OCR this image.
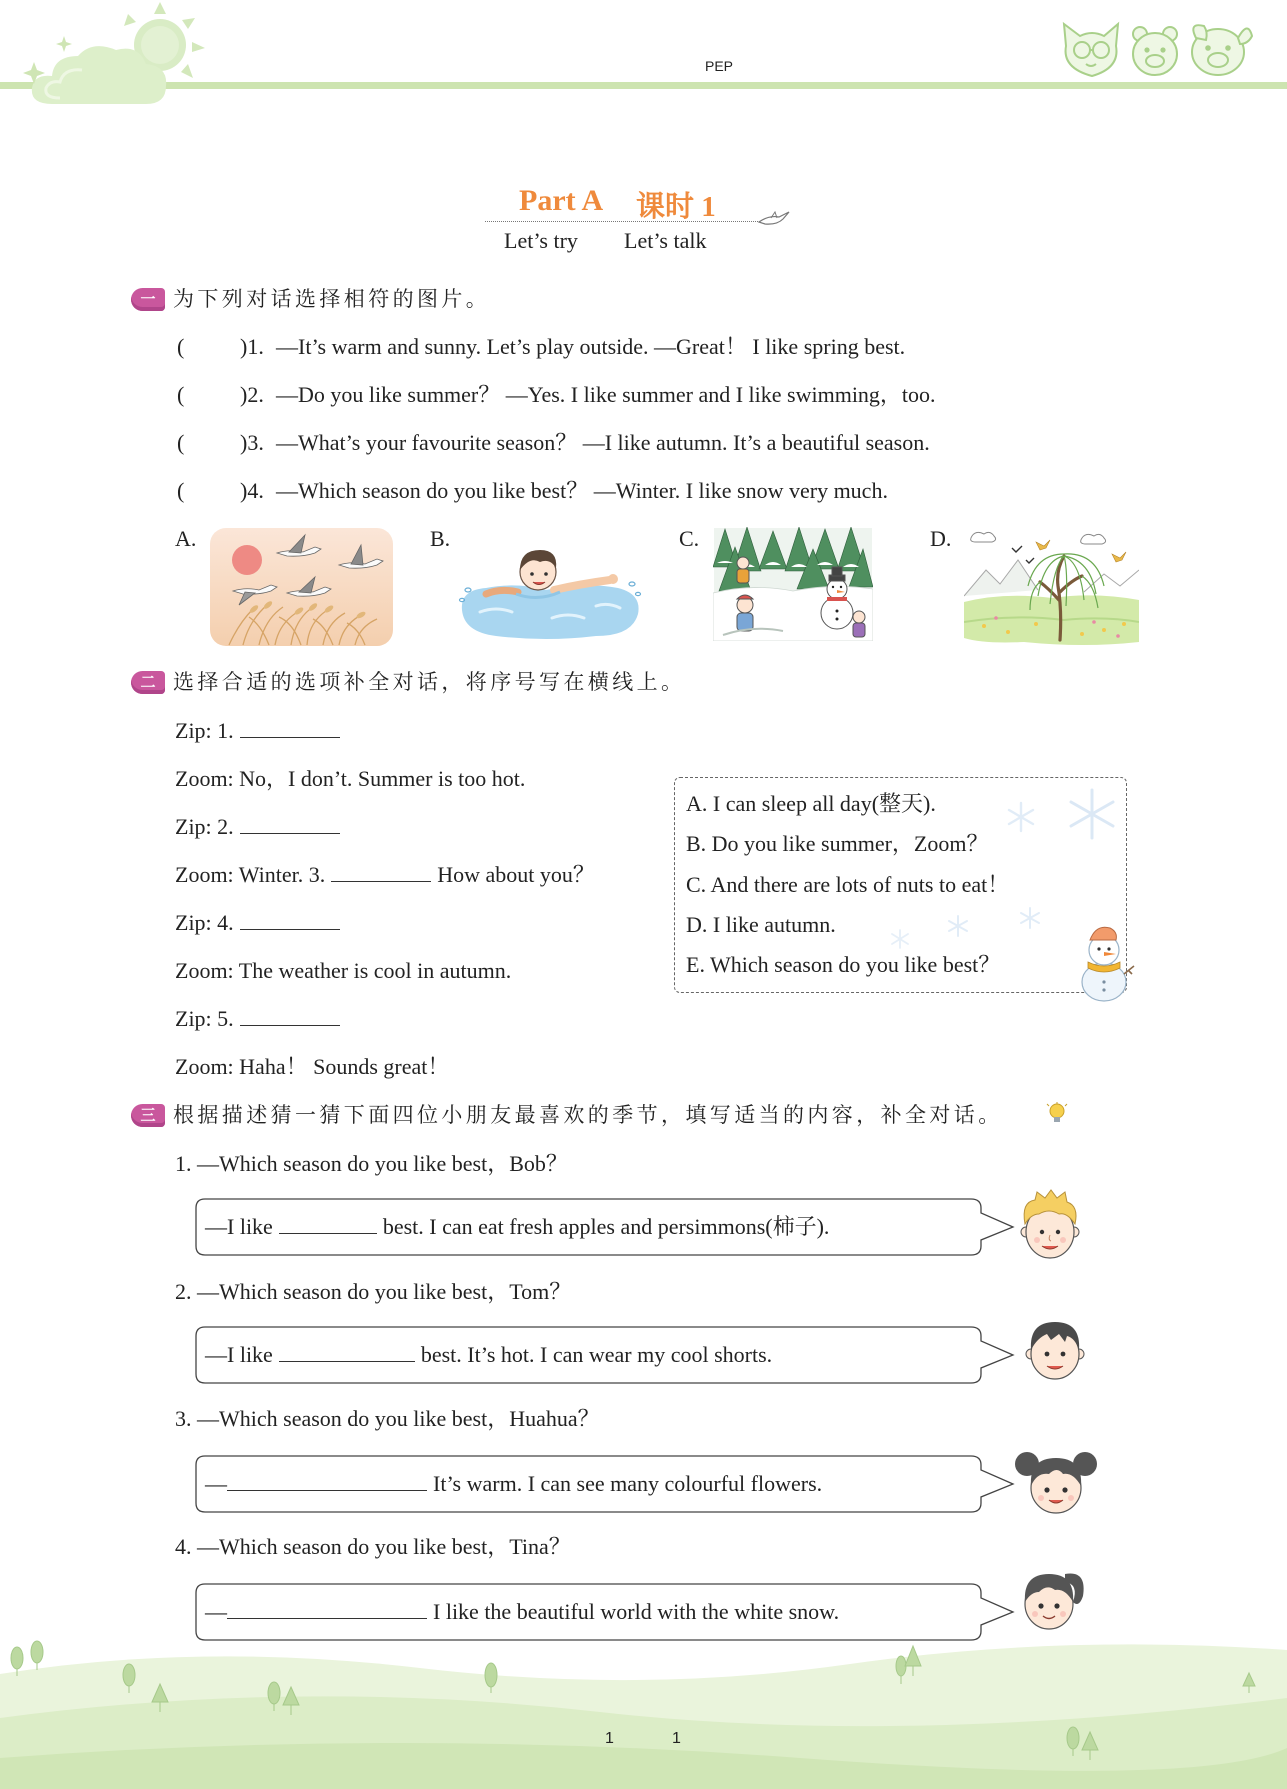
PEP
Part A 课时 1
Let’s try Let’s talk
一 为下列对话选择相符的图片。
(	)1. —It’s warm and sunny. Let’s play outside. —Great！ I like spring best.
(	)2. —Do you like summer？ —Yes. I like summer and I like swimming，too.
(	)3. —What’s your favourite season？ —I like autumn. It’s a beautiful season.
(	)4. —Which season do you like best？ —Winter. I like snow very much.
A.	B.	C.	D.
二 选择合适的选项补全对话，将序号写在横线上。
Zip: 1.
Zoom: No，I don’t. Summer is too hot.
Zip: 2.
Zoom: Winter. 3.	How about you？
Zip: 4.
Zoom: The weather is cool in autumn.
Zip: 5.
Zoom: Haha！ Sounds great！
A. I can sleep all day(整天).
B. Do you like summer，Zoom？
C. And there are lots of nuts to eat！
D. I like autumn.
E. Which season do you like best？
三 根据描述猜一猜下面四位小朋友最喜欢的季节，填写适当的内容，补全对话。
1. —Which season do you like best，Bob？
—I like	best. I can eat fresh apples and persimmons(柿子).
2. —Which season do you like best，Tom？
—I like	best. It’s hot. I can wear my cool shorts.
3. —Which season do you like best，Huahua？
—	It’s warm. I can see many colourful flowers.
4. —Which season do you like best，Tina？
—	I like the beautiful world with the white snow.
1	1
